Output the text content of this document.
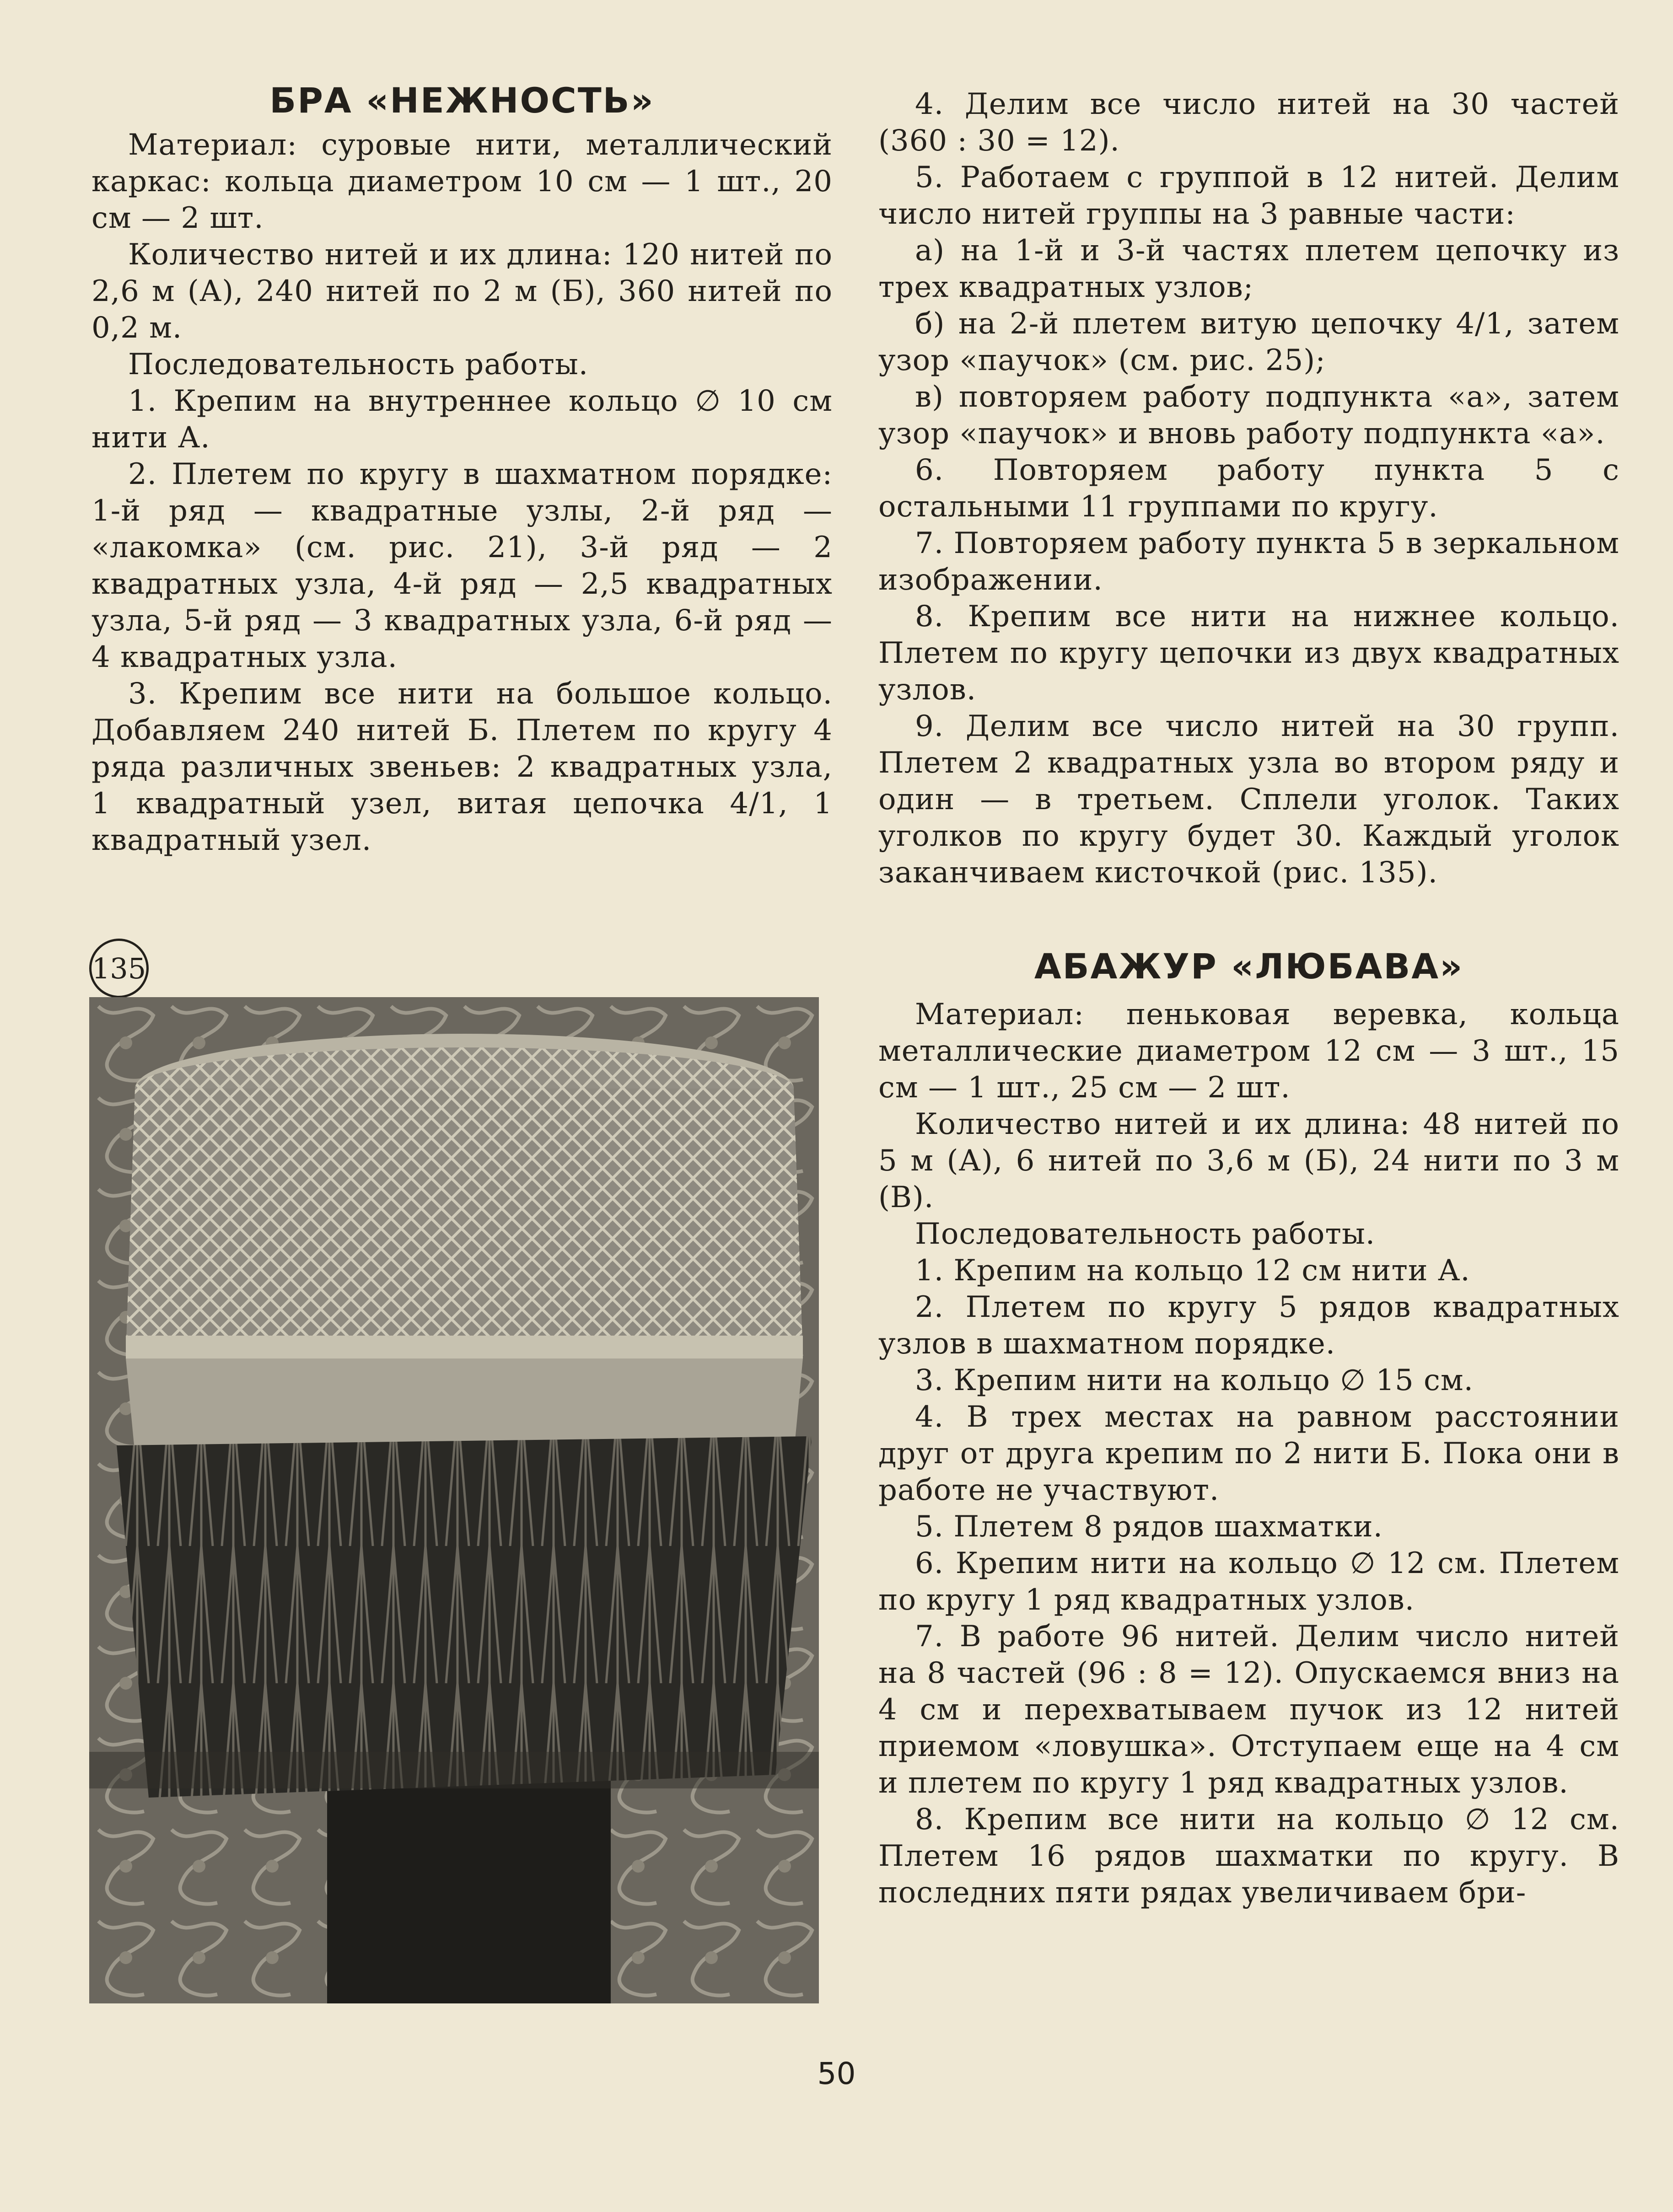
БРА «НЕЖНОСТЬ»

Материал: суровые нити, металлический каркас: кольца диаметром 10 см — 1 шт., 20 см — 2 шт.

Количество нитей и их длина: 120 нитей по 2,6 м (А), 240 нитей по 2 м (Б), 360 нитей по 0,2 м.

Последовательность работы.

1. Крепим на внутреннее кольцо ∅ 10 см нити А.

2. Плетем по кругу в шахматном порядке: 1-й ряд — квадратные узлы, 2-й ряд — «лакомка» (см. рис. 21), 3-й ряд — 2 квадратных узла, 4-й ряд — 2,5 квадратных узла, 5-й ряд — 3 квадратных узла, 6-й ряд — 4 квадратных узла.

3. Крепим все нити на большое кольцо. Добавляем 240 нитей Б. Плетем по кругу 4 ряда различных звеньев: 2 квадратных узла, 1 квадратный узел, витая цепочка 4/1, 1 квадратный узел.

135

4. Делим все число нитей на 30 частей (360 : 30 = 12).

5. Работаем с группой в 12 нитей. Делим число нитей группы на 3 равные части:

а) на 1-й и 3-й частях плетем цепочку из трех квадратных узлов;

б) на 2-й плетем витую цепочку 4/1, затем узор «паучок» (см. рис. 25);

в) повторяем работу подпункта «а», затем узор «паучок» и вновь работу подпункта «а».

6. Повторяем работу пункта 5 с остальными 11 группами по кругу.

7. Повторяем работу пункта 5 в зеркальном изображении.

8. Крепим все нити на нижнее кольцо. Плетем по кругу цепочки из двух квадратных узлов.

9. Делим все число нитей на 30 групп. Плетем 2 квадратных узла во втором ряду и один — в третьем. Сплели уголок. Таких уголков по кругу будет 30. Каждый уголок заканчиваем кисточкой (рис. 135).

АБАЖУР «ЛЮБАВА»

Материал: пеньковая веревка, кольца металлические диаметром 12 см — 3 шт., 15 см — 1 шт., 25 см — 2 шт.

Количество нитей и их длина: 48 нитей по 5 м (А), 6 нитей по 3,6 м (Б), 24 нити по 3 м (В).

Последовательность работы.

1. Крепим на кольцо 12 см нити А.

2. Плетем по кругу 5 рядов квадратных узлов в шахматном порядке.

3. Крепим нити на кольцо ∅ 15 см.

4. В трех местах на равном расстоянии друг от друга крепим по 2 нити Б. Пока они в работе не участвуют.

5. Плетем 8 рядов шахматки.

6. Крепим нити на кольцо ∅ 12 см. Плетем по кругу 1 ряд квадратных узлов.

7. В работе 96 нитей. Делим число нитей на 8 частей (96 : 8 = 12). Опускаемся вниз на 4 см и перехватываем пучок из 12 нитей приемом «ловушка». Отступаем еще на 4 см и плетем по кругу 1 ряд квадратных узлов.

8. Крепим все нити на кольцо ∅ 12 см. Плетем 16 рядов шахматки по кругу. В последних пяти рядах увеличиваем бри-

50
